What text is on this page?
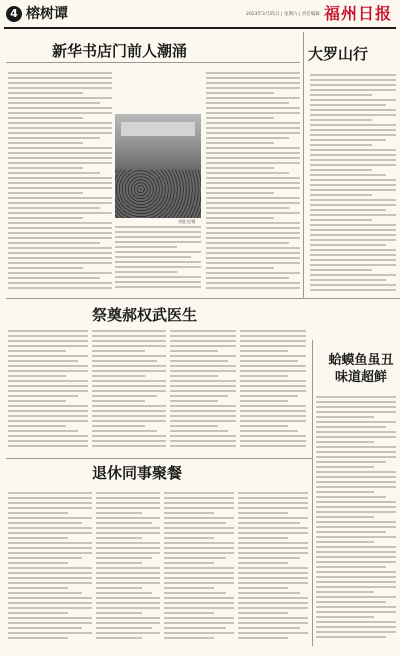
4 榕树谭	2023年3月25日 | 星期六 | 责任编辑： 福州日报
新华书店门前人潮涌
刘胜光/摄
祭奠郝权武医生
退休同事聚餐
大罗山行
蛤蟆鱼虽丑
味道超鲜
